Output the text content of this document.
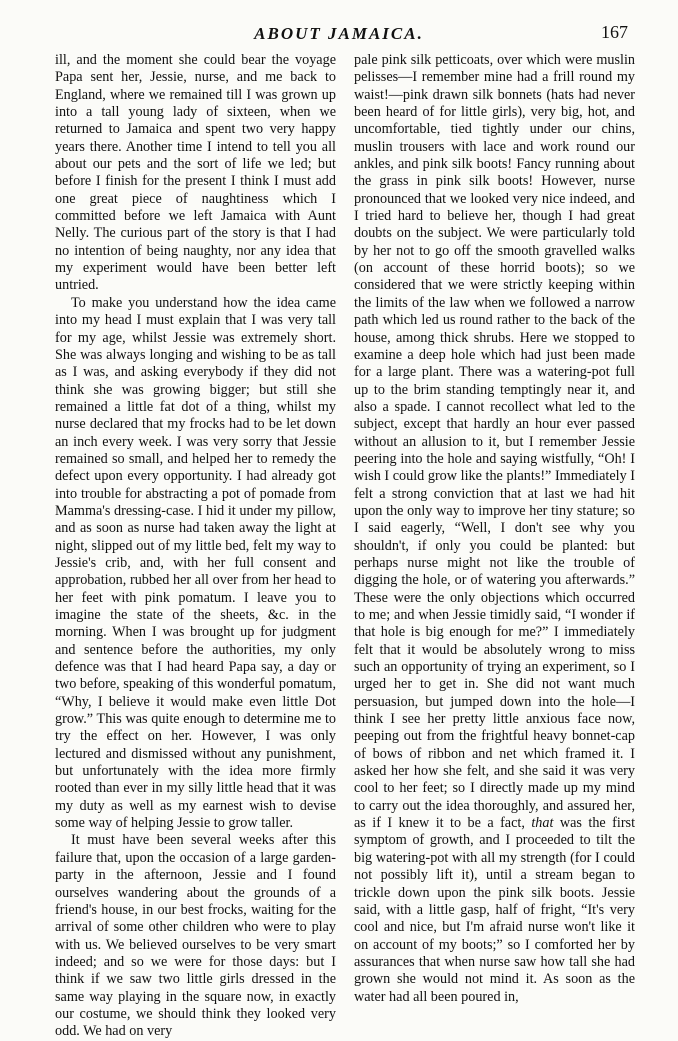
ABOUT JAMAICA.	167

ill, and the moment she could bear the voyage Papa sent her, Jessie, nurse, and me back to England, where we remained till I was grown up into a tall young lady of sixteen, when we returned to Jamaica and spent two very happy years there. Another time I intend to tell you all about our pets and the sort of life we led; but before I finish for the present I think I must add one great piece of naughtiness which I committed before we left Jamaica with Aunt Nelly. The curious part of the story is that I had no intention of being naughty, nor any idea that my experiment would have been better left untried.

To make you understand how the idea came into my head I must explain that I was very tall for my age, whilst Jessie was extremely short. She was always longing and wishing to be as tall as I was, and asking everybody if they did not think she was growing bigger; but still she remained a little fat dot of a thing, whilst my nurse declared that my frocks had to be let down an inch every week. I was very sorry that Jessie remained so small, and helped her to remedy the defect upon every opportunity. I had already got into trouble for abstracting a pot of pomade from Mamma's dressing-case. I hid it under my pillow, and as soon as nurse had taken away the light at night, slipped out of my little bed, felt my way to Jessie's crib, and, with her full consent and approbation, rubbed her all over from her head to her feet with pink pomatum. I leave you to imagine the state of the sheets, &c. in the morning. When I was brought up for judgment and sentence before the authorities, my only defence was that I had heard Papa say, a day or two before, speaking of this wonderful pomatum, “Why, I believe it would make even little Dot grow.” This was quite enough to determine me to try the effect on her. However, I was only lectured and dismissed without any punishment, but unfortunately with the idea more firmly rooted than ever in my silly little head that it was my duty as well as my earnest wish to devise some way of helping Jessie to grow taller.

It must have been several weeks after this failure that, upon the occasion of a large garden-party in the afternoon, Jessie and I found ourselves wandering about the grounds of a friend's house, in our best frocks, waiting for the arrival of some other children who were to play with us. We believed ourselves to be very smart indeed; and so we were for those days: but I think if we saw two little girls dressed in the same way playing in the square now, in exactly our costume, we should think they looked very odd. We had on very

pale pink silk petticoats, over which were muslin pelisses—I remember mine had a frill round my waist!—pink drawn silk bonnets (hats had never been heard of for little girls), very big, hot, and uncomfortable, tied tightly under our chins, muslin trousers with lace and work round our ankles, and pink silk boots! Fancy running about the grass in pink silk boots! However, nurse pronounced that we looked very nice indeed, and I tried hard to believe her, though I had great doubts on the subject. We were particularly told by her not to go off the smooth gravelled walks (on account of these horrid boots); so we considered that we were strictly keeping within the limits of the law when we followed a narrow path which led us round rather to the back of the house, among thick shrubs. Here we stopped to examine a deep hole which had just been made for a large plant. There was a watering-pot full up to the brim standing temptingly near it, and also a spade. I cannot recollect what led to the subject, except that hardly an hour ever passed without an allusion to it, but I remember Jessie peering into the hole and saying wistfully, “Oh! I wish I could grow like the plants!” Immediately I felt a strong conviction that at last we had hit upon the only way to improve her tiny stature; so I said eagerly, “Well, I don't see why you shouldn't, if only you could be planted: but perhaps nurse might not like the trouble of digging the hole, or of watering you afterwards.” These were the only objections which occurred to me; and when Jessie timidly said, “I wonder if that hole is big enough for me?” I immediately felt that it would be absolutely wrong to miss such an opportunity of trying an experiment, so I urged her to get in. She did not want much persuasion, but jumped down into the hole—I think I see her pretty little anxious face now, peeping out from the frightful heavy bonnet-cap of bows of ribbon and net which framed it. I asked her how she felt, and she said it was very cool to her feet; so I directly made up my mind to carry out the idea thoroughly, and assured her, as if I knew it to be a fact, that was the first symptom of growth, and I proceeded to tilt the big watering-pot with all my strength (for I could not possibly lift it), until a stream began to trickle down upon the pink silk boots. Jessie said, with a little gasp, half of fright, “It's very cool and nice, but I'm afraid nurse won't like it on account of my boots;” so I comforted her by assurances that when nurse saw how tall she had grown she would not mind it. As soon as the water had all been poured in,
